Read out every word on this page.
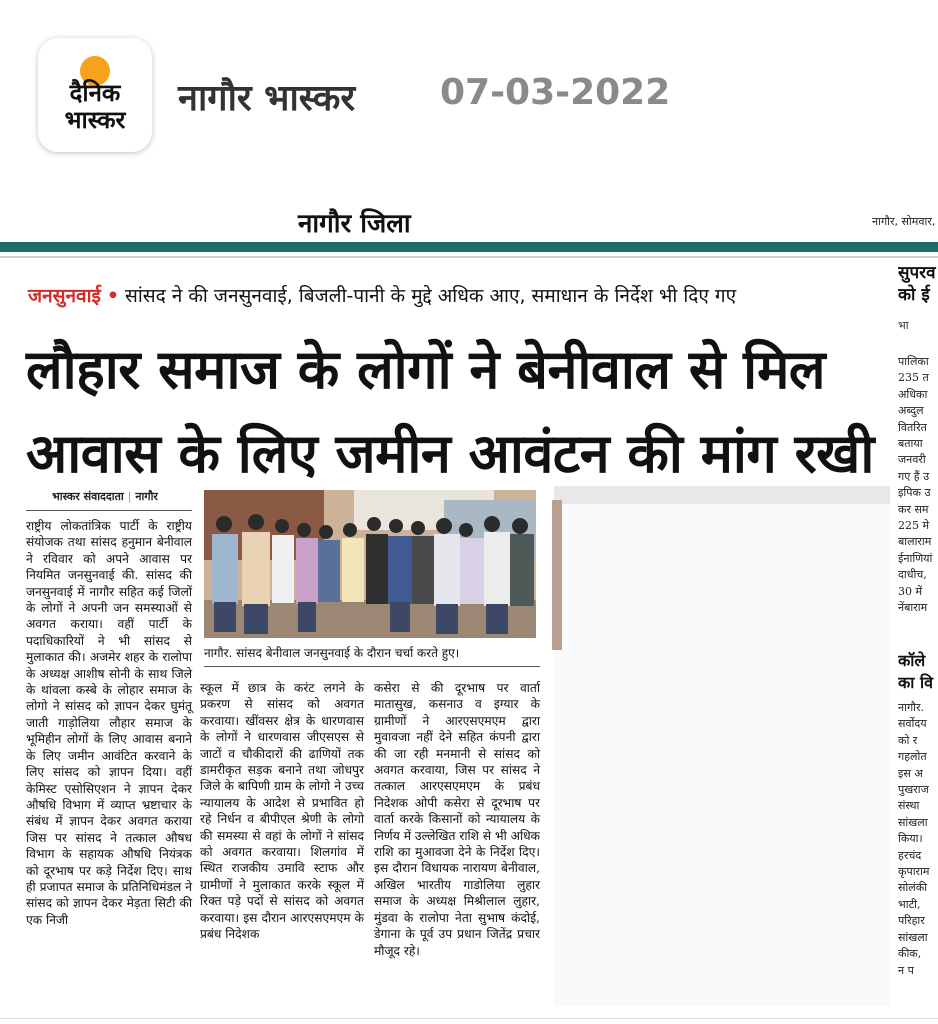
दैनिक
भास्कर
नागौर भास्कर 07-03-2022
नागौर जिला	नागौर, सोमवार,
जनसुनवाई • सांसद ने की जनसुनवाई, बिजली-पानी के मुद्दे अधिक आए, समाधान के निर्देश भी दिए गए
लौहार समाज के लोगों ने बेनीवाल से मिल
आवास के लिए जमीन आवंटन की मांग रखी
सुपरव
को ई
भा
भास्कर संवाददाता | नागौर
राष्ट्रीय लोकतांत्रिक पार्टी के राष्ट्रीय संयोजक तथा सांसद हनुमान बेनीवाल ने रविवार को अपने आवास पर नियमित जनसुनवाई की. सांसद की जनसुनवाई में नागौर सहित कई जिलों के लोगों ने अपनी जन समस्याओं से अवगत कराया। वहीं पार्टी के पदाधिकारियों ने भी सांसद से मुलाकात की। अजमेर शहर के रालोपा के अध्यक्ष आशीष सोनी के साथ जिले के थांवला कस्बे के लोहार समाज के लोगो ने सांसद को ज्ञापन देकर घुमंतू जाती गाड़ोलिया लौहार समाज के भूमिहीन लोगों के लिए आवास बनाने के लिए जमीन आवंटित करवाने के लिए सांसद को ज्ञापन दिया। वहीं केमिस्ट एसोसिएशन ने ज्ञापन देकर औषधि विभाग में व्याप्त भ्रष्टाचार के संबंध में ज्ञापन देकर अवगत कराया जिस पर सांसद ने तत्काल औषध विभाग के सहायक औषधि नियंत्रक को दूरभाष पर कड़े निर्देश दिए। साथ ही प्रजापत समाज के प्रतिनिधिमंडल ने सांसद को ज्ञापन देकर मेड़ता सिटी की एक निजी
नागौर. सांसद बेनीवाल जनसुनवाई के दौरान चर्चा करते हुए।
स्कूल में छात्र के करंट लगने के प्रकरण से सांसद को अवगत करवाया। खींवसर क्षेत्र के धारणवास के लोगों ने धारणवास जीएसएस से जाटों व चौकीदारों की ढाणियों तक डामरीकृत सड़क बनाने तथा जोधपुर जिले के बापिणी ग्राम के लोगो ने उच्च न्यायालय के आदेश से प्रभावित हो रहे निर्धन व बीपीएल श्रेणी के लोगो की समस्या से वहां के लोगों ने सांसद को अवगत करवाया। शिलगांव में स्थित राजकीय उमावि स्टाफ और ग्रामीणों ने मुलाकात करके स्कूल में रिक्त पड़े पदों से सांसद को अवगत करवाया। इस दौरान आरएसएमएम के प्रबंध निदेशक
कसेरा से की दूरभाष पर वार्ता मातासुख, कसनाउ व इग्यार के ग्रामीणों ने आरएसएमएम द्वारा मुवावजा नहीं देने सहित कंपनी द्वारा की जा रही मनमानी से सांसद को अवगत करवाया, जिस पर सांसद ने तत्काल आरएसएमएम के प्रबंध निदेशक ओपी कसेरा से दूरभाष पर वार्ता करके किसानों को न्यायालय के निर्णय में उल्लेखित राशि से भी अधिक राशि का मुआवजा देने के निर्देश दिए। इस दौरान विधायक नारायण बेनीवाल, अखिल भारतीय गाडोलिया लुहार समाज के अध्यक्ष मिश्रीलाल लुहार, मुंडवा के रालोपा नेता सुभाष कंदोई, डेगाना के पूर्व उप प्रधान जितेंद्र प्रचार मौजूद रहे।
पालिका
235 त
अधिका
अब्दुल
वितरित
बताया
जनवरी
गए हैं उ
इपिक उ
कर सम
225 मे
बालाराम
ईनाणियां
दाधीच,
30 में
नेंबाराम
कॉले
का वि
नागौर.
सर्वोदय
को र
गहलोत
इस अ
पुखराज
संस्था
सांखला
किया।
हरचंद
कृपाराम
सोलंकी
भाटी,
परिहार
सांखला
कीक,
न प
